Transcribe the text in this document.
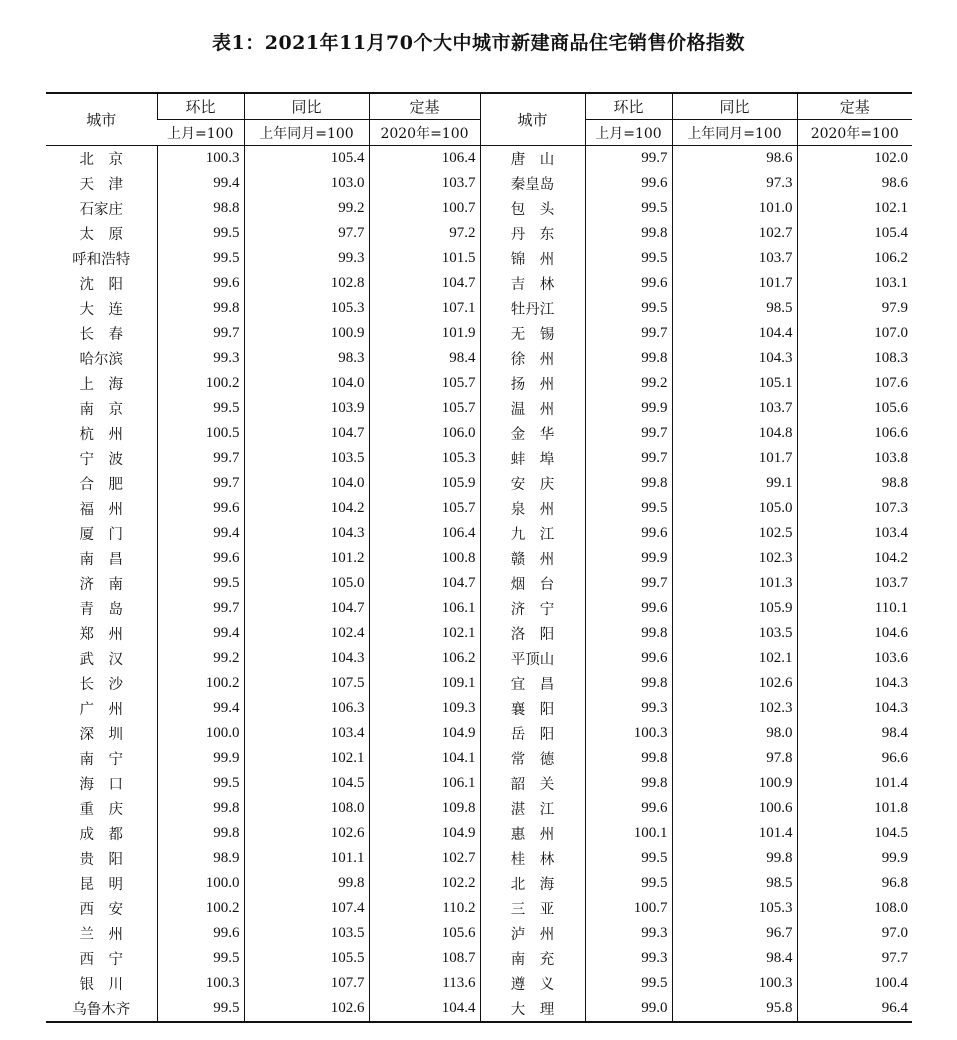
表1：2021年11月70个大中城市新建商品住宅销售价格指数
城市	环比	同比	定基	城市	环比	同比	定基
	上月=100	上年同月=100	2020年=100		上月=100	上年同月=100	2020年=100
北　京	100.3	105.4	106.4	唐　山	99.7	98.6	102.0
天　津	99.4	103.0	103.7	秦皇岛	99.6	97.3	98.6
石家庄	98.8	99.2	100.7	包　头	99.5	101.0	102.1
太　原	99.5	97.7	97.2	丹　东	99.8	102.7	105.4
呼和浩特	99.5	99.3	101.5	锦　州	99.5	103.7	106.2
沈　阳	99.6	102.8	104.7	吉　林	99.6	101.7	103.1
大　连	99.8	105.3	107.1	牡丹江	99.5	98.5	97.9
长　春	99.7	100.9	101.9	无　锡	99.7	104.4	107.0
哈尔滨	99.3	98.3	98.4	徐　州	99.8	104.3	108.3
上　海	100.2	104.0	105.7	扬　州	99.2	105.1	107.6
南　京	99.5	103.9	105.7	温　州	99.9	103.7	105.6
杭　州	100.5	104.7	106.0	金　华	99.7	104.8	106.6
宁　波	99.7	103.5	105.3	蚌　埠	99.7	101.7	103.8
合　肥	99.7	104.0	105.9	安　庆	99.8	99.1	98.8
福　州	99.6	104.2	105.7	泉　州	99.5	105.0	107.3
厦　门	99.4	104.3	106.4	九　江	99.6	102.5	103.4
南　昌	99.6	101.2	100.8	赣　州	99.9	102.3	104.2
济　南	99.5	105.0	104.7	烟　台	99.7	101.3	103.7
青　岛	99.7	104.7	106.1	济　宁	99.6	105.9	110.1
郑　州	99.4	102.4	102.1	洛　阳	99.8	103.5	104.6
武　汉	99.2	104.3	106.2	平顶山	99.6	102.1	103.6
长　沙	100.2	107.5	109.1	宜　昌	99.8	102.6	104.3
广　州	99.4	106.3	109.3	襄　阳	99.3	102.3	104.3
深　圳	100.0	103.4	104.9	岳　阳	100.3	98.0	98.4
南　宁	99.9	102.1	104.1	常　德	99.8	97.8	96.6
海　口	99.5	104.5	106.1	韶　关	99.8	100.9	101.4
重　庆	99.8	108.0	109.8	湛　江	99.6	100.6	101.8
成　都	99.8	102.6	104.9	惠　州	100.1	101.4	104.5
贵　阳	98.9	101.1	102.7	桂　林	99.5	99.8	99.9
昆　明	100.0	99.8	102.2	北　海	99.5	98.5	96.8
西　安	100.2	107.4	110.2	三　亚	100.7	105.3	108.0
兰　州	99.6	103.5	105.6	泸　州	99.3	96.7	97.0
西　宁	99.5	105.5	108.7	南　充	99.3	98.4	97.7
银　川	100.3	107.7	113.6	遵　义	99.5	100.3	100.4
乌鲁木齐	99.5	102.6	104.4	大　理	99.0	95.8	96.4
